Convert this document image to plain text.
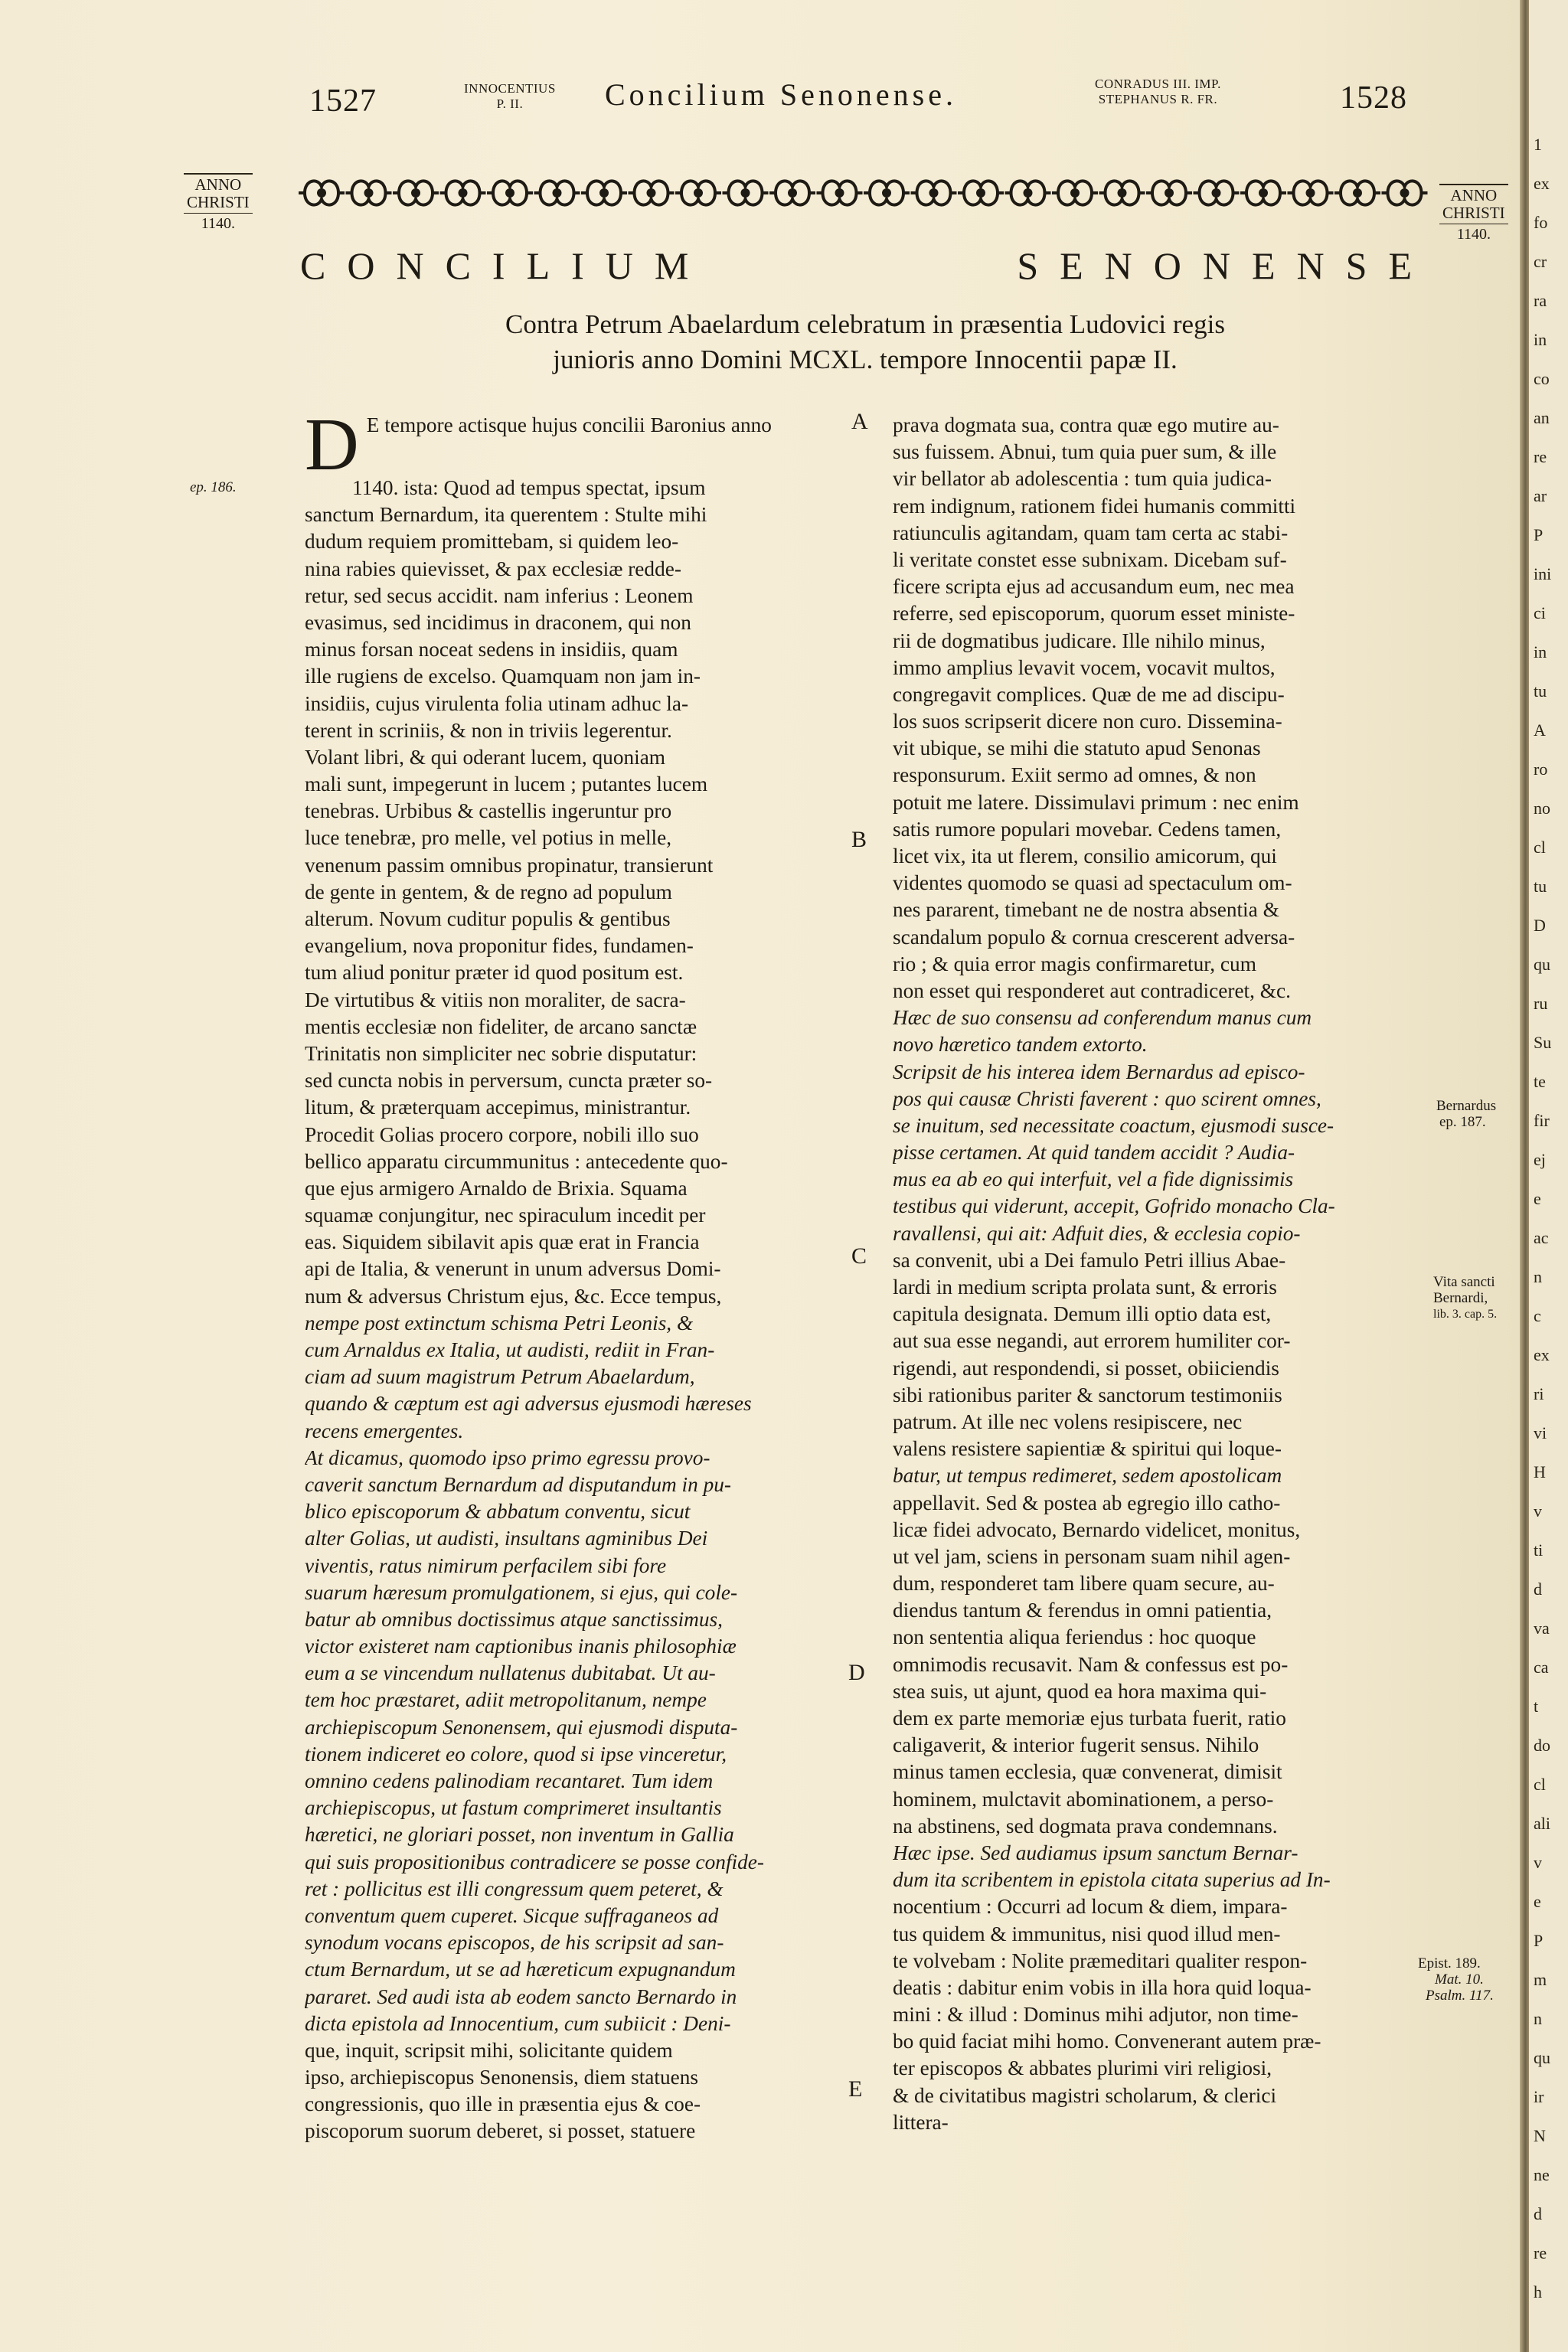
1527	INNOCENTIUS
P. II.	Concilium Senonense.	CONRADUS III. IMP.
STEPHANUS R. FR.	1528
ANNO
CHRISTI
1140.
ANNO
CHRISTI
1140.
CONCILIUM	SENONENSE
Contra Petrum Abaelardum celebratum in præsentia Ludovici regis
junioris anno Domini MCXL. tempore Innocentii papæ II.
D E tempore actisque hujus concilii Baronius anno
1140. ista: Quod ad tempus spectat, ipsum
sanctum Bernardum, ita querentem : Stulte mihi
dudum requiem promittebam, si quidem leo-
nina rabies quievisset, & pax ecclesiæ redde-
retur, sed secus accidit. nam inferius : Leonem
evasimus, sed incidimus in draconem, qui non
minus forsan noceat sedens in insidiis, quam
ille rugiens de excelso. Quamquam non jam in-
insidiis, cujus virulenta folia utinam adhuc la-
terent in scriniis, & non in triviis legerentur.
Volant libri, & qui oderant lucem, quoniam
mali sunt, impegerunt in lucem ; putantes lucem
tenebras. Urbibus & castellis ingeruntur pro
luce tenebræ, pro melle, vel potius in melle,
venenum passim omnibus propinatur, transierunt
de gente in gentem, & de regno ad populum
alterum. Novum cuditur populis & gentibus
evangelium, nova proponitur fides, fundamen-
tum aliud ponitur præter id quod positum est.
De virtutibus & vitiis non moraliter, de sacra-
mentis ecclesiæ non fideliter, de arcano sanctæ
Trinitatis non simpliciter nec sobrie disputatur:
sed cuncta nobis in perversum, cuncta præter so-
litum, & præterquam accepimus, ministrantur.
Procedit Golias procero corpore, nobili illo suo
bellico apparatu circummunitus : antecedente quo-
que ejus armigero Arnaldo de Brixia. Squama
squamæ conjungitur, nec spiraculum incedit per
eas. Siquidem sibilavit apis quæ erat in Francia
api de Italia, & venerunt in unum adversus Domi-
num & adversus Christum ejus, &c. Ecce tempus,
nempe post extinctum schisma Petri Leonis, &
cum Arnaldus ex Italia, ut audisti, rediit in Fran-
ciam ad suum magistrum Petrum Abaelardum,
quando & cæptum est agi adversus ejusmodi hæreses
recens emergentes.
At dicamus, quomodo ipso primo egressu provo-
caverit sanctum Bernardum ad disputandum in pu-
blico episcoporum & abbatum conventu, sicut
alter Golias, ut audisti, insultans agminibus Dei
viventis, ratus nimirum perfacilem sibi fore
suarum hæresum promulgationem, si ejus, qui cole-
batur ab omnibus doctissimus atque sanctissimus,
victor existeret nam captionibus inanis philosophiæ
eum a se vincendum nullatenus dubitabat. Ut au-
tem hoc præstaret, adiit metropolitanum, nempe
archiepiscopum Senonensem, qui ejusmodi disputa-
tionem indiceret eo colore, quod si ipse vinceretur,
omnino cedens palinodiam recantaret. Tum idem
archiepiscopus, ut fastum comprimeret insultantis
hæretici, ne gloriari posset, non inventum in Gallia
qui suis propositionibus contradicere se posse confide-
ret : pollicitus est illi congressum quem peteret, &
conventum quem cuperet. Sicque suffraganeos ad
synodum vocans episcopos, de his scripsit ad san-
ctum Bernardum, ut se ad hæreticum expugnandum
pararet. Sed audi ista ab eodem sancto Bernardo in
dicta epistola ad Innocentium, cum subiicit : Deni-
que, inquit, scripsit mihi, solicitante quidem
ipso, archiepiscopus Senonensis, diem statuens
congressionis, quo ille in præsentia ejus & coe-
piscoporum suorum deberet, si posset, statuere
prava dogmata sua, contra quæ ego mutire au-
sus fuissem. Abnui, tum quia puer sum, & ille
vir bellator ab adolescentia : tum quia judica-
rem indignum, rationem fidei humanis committi
ratiunculis agitandam, quam tam certa ac stabi-
li veritate constet esse subnixam. Dicebam suf-
ficere scripta ejus ad accusandum eum, nec mea
referre, sed episcoporum, quorum esset ministe-
rii de dogmatibus judicare. Ille nihilo minus,
immo amplius levavit vocem, vocavit multos,
congregavit complices. Quæ de me ad discipu-
los suos scripserit dicere non curo. Dissemina-
vit ubique, se mihi die statuto apud Senonas
responsurum. Exiit sermo ad omnes, & non
potuit me latere. Dissimulavi primum : nec enim
satis rumore populari movebar. Cedens tamen,
licet vix, ita ut flerem, consilio amicorum, qui
videntes quomodo se quasi ad spectaculum om-
nes pararent, timebant ne de nostra absentia &
scandalum populo & cornua crescerent adversa-
rio ; & quia error magis confirmaretur, cum
non esset qui responderet aut contradiceret, &c.
Hæc de suo consensu ad conferendum manus cum
novo hæretico tandem extorto.
Scripsit de his interea idem Bernardus ad episco-
pos qui causæ Christi faverent : quo scirent omnes,
se inuitum, sed necessitate coactum, ejusmodi susce-
pisse certamen. At quid tandem accidit ? Audia-
mus ea ab eo qui interfuit, vel a fide dignissimis
testibus qui viderunt, accepit, Gofrido monacho Cla-
ravallensi, qui ait: Adfuit dies, & ecclesia copio-
sa convenit, ubi a Dei famulo Petri illius Abae-
lardi in medium scripta prolata sunt, & erroris
capitula designata. Demum illi optio data est,
aut sua esse negandi, aut errorem humiliter cor-
rigendi, aut respondendi, si posset, obiiciendis
sibi rationibus pariter & sanctorum testimoniis
patrum. At ille nec volens resipiscere, nec
valens resistere sapientiæ & spiritui qui loque-
batur, ut tempus redimeret, sedem apostolicam
appellavit. Sed & postea ab egregio illo catho-
licæ fidei advocato, Bernardo videlicet, monitus,
ut vel jam, sciens in personam suam nihil agen-
dum, responderet tam libere quam secure, au-
diendus tantum & ferendus in omni patientia,
non sententia aliqua feriendus : hoc quoque
omnimodis recusavit. Nam & confessus est po-
stea suis, ut ajunt, quod ea hora maxima qui-
dem ex parte memoriæ ejus turbata fuerit, ratio
caligaverit, & interior fugerit sensus. Nihilo
minus tamen ecclesia, quæ convenerat, dimisit
hominem, mulctavit abominationem, a perso-
na abstinens, sed dogmata prava condemnans.
Hæc ipse. Sed audiamus ipsum sanctum Bernar-
dum ita scribentem in epistola citata superius ad In-
nocentium : Occurri ad locum & diem, impara-
tus quidem & immunitus, nisi quod illud men-
te volvebam : Nolite præmeditari qualiter respon-
deatis : dabitur enim vobis in illa hora quid loqua-
mini : & illud : Dominus mihi adjutor, non time-
bo quid faciat mihi homo. Convenerant autem præ-
ter episcopos & abbates plurimi viri religiosi,
& de civitatibus magistri scholarum, & clerici
littera-
A
B
C
D
E
ep. 186.
Bernardus
ep. 187.
Vita sancti
Bernardi,
lib. 3. cap. 5.
Epist. 189.
Mat. 10.
Psalm. 117.
1
ex
fo
cr
ra
in
co
an
re
ar
P
ini
ci
in
tu
A
ro
no
cl
tu
D
qu
ru
Su
te
fir
ej
e
ac
n
c
ex
ri
vi
H
v
ti
d
va
ca
t
do
cl
ali
v
e
P
m
n
qu
ir
N
ne
d
re
h
